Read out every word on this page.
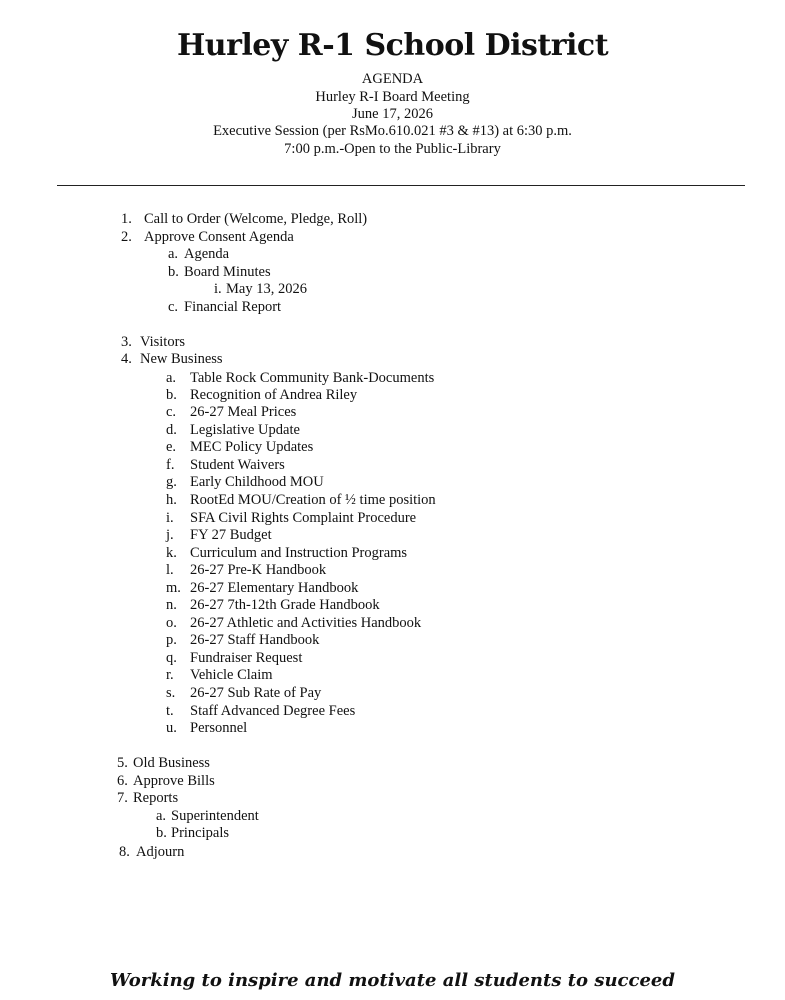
Hurley R-1 School District
AGENDA
Hurley R-I Board Meeting
June 17, 2026
Executive Session (per RsMo.610.021 #3 & #13) at 6:30 p.m.
7:00 p.m.-Open to the Public-Library
1. Call to Order (Welcome, Pledge, Roll)
2. Approve Consent Agenda
a. Agenda
b. Board Minutes
i. May 13, 2026
c. Financial Report
3. Visitors
4. New Business
a. Table Rock Community Bank-Documents
b. Recognition of Andrea Riley
c. 26-27 Meal Prices
d. Legislative Update
e. MEC Policy Updates
f. Student Waivers
g. Early Childhood MOU
h. RootEd MOU/Creation of ½ time position
i. SFA Civil Rights Complaint Procedure
j. FY 27 Budget
k. Curriculum and Instruction Programs
l. 26-27 Pre-K Handbook
m. 26-27 Elementary Handbook
n. 26-27 7th-12th Grade Handbook
o. 26-27 Athletic and Activities Handbook
p. 26-27 Staff Handbook
q. Fundraiser Request
r. Vehicle Claim
s. 26-27 Sub Rate of Pay
t. Staff Advanced Degree Fees
u. Personnel
5. Old Business
6. Approve Bills
7. Reports
a. Superintendent
b. Principals
8. Adjourn
Working to inspire and motivate all students to succeed
